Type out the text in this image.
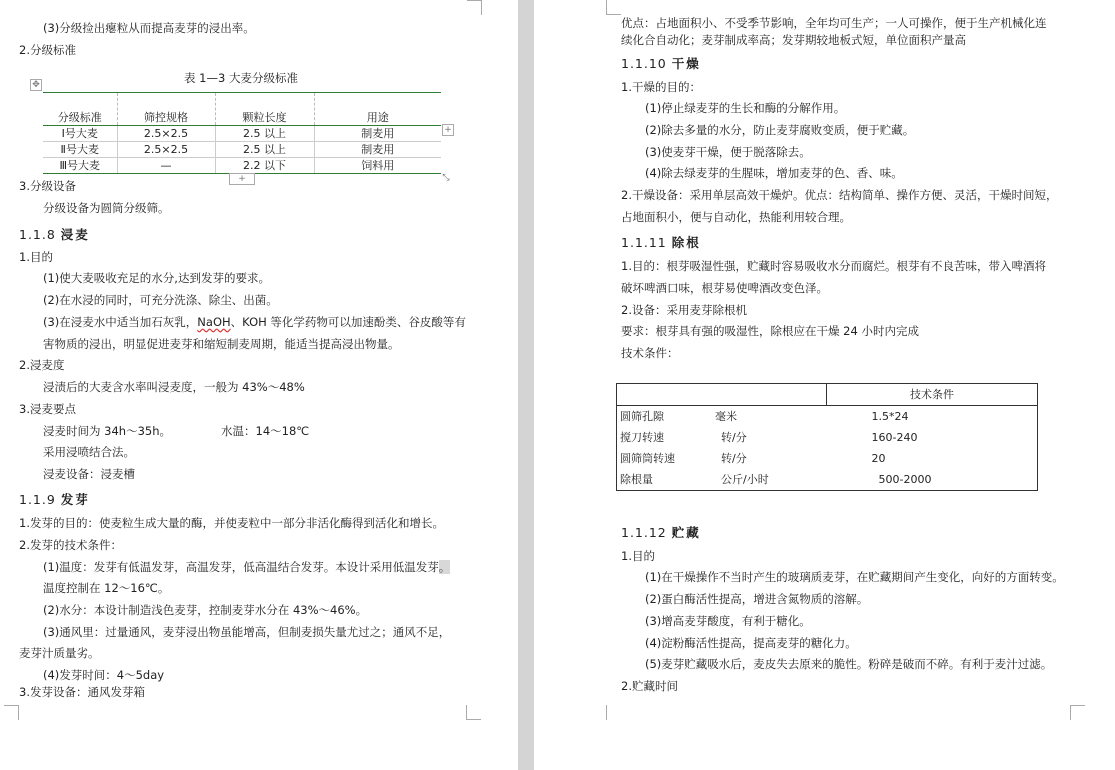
(3)分级捡出瘪粒从而提高麦芽的浸出率。
2.分级标准
表 1—3 大麦分级标准
✥
分级标准	筛控规格	颗粒长度	用途
Ⅰ号大麦	2.5×2.5	2.5 以上	制麦用
Ⅱ号大麦	2.5×2.5	2.5 以上	制麦用
Ⅲ号大麦	—	2.2 以下	饲料用
+
+	⤡
3.分级设备
分级设备为圆筒分级筛。
1.1.8 浸麦
1.目的
(1)使大麦吸收充足的水分,达到发芽的要求。
(2)在水浸的同时，可充分洗涤、除尘、出菌。
(3)在浸麦水中适当加石灰乳，NaOH、KOH 等化学药物可以加速酚类、谷皮酸等有
害物质的浸出，明显促进麦芽和缩短制麦周期，能适当提高浸出物量。
2.浸麦度
浸渍后的大麦含水率叫浸麦度，一般为 43%～48%
3.浸麦要点
浸麦时间为 34h～35h。	水温：14～18℃
采用浸喷结合法。
浸麦设备：浸麦槽
1.1.9 发芽
1.发芽的目的：使麦粒生成大量的酶，并使麦粒中一部分非活化酶得到活化和增长。
2.发芽的技术条件：
(1)温度：发芽有低温发芽，高温发芽，低高温结合发芽。本设计采用低温发芽。
温度控制在 12～16℃。
(2)水分：本设计制造浅色麦芽，控制麦芽水分在 43%～46%。
(3)通风里：过量通风，麦芽浸出物虽能增高，但制麦损失量尤过之；通风不足，
麦芽汁质量劣。
(4)发芽时间：4～5day
3.发芽设备：通风发芽箱
优点：占地面积小、不受季节影响，全年均可生产；一人可操作，便于生产机械化连
续化合自动化；麦芽制成率高；发芽期较地板式短，单位面积产量高
1.1.10 干燥
1.干燥的目的：
(1)停止绿麦芽的生长和酶的分解作用。
(2)除去多量的水分，防止麦芽腐败变质，便于贮藏。
(3)使麦芽干燥，便于脱落除去。
(4)除去绿麦芽的生腥味，增加麦芽的色、香、味。
2.干燥设备：采用单层高效干燥炉。优点：结构简单、操作方便、灵活，干燥时间短，
占地面积小，便与自动化，热能利用较合理。
1.1.11 除根
1.目的：根芽吸湿性强，贮藏时容易吸收水分而腐烂。根芽有不良苦味，带入啤酒将
破坏啤酒口味，根芽易使啤酒改变色泽。
2.设备：采用麦芽除根机
要求：根芽具有强的吸湿性，除根应在干燥 24 小时内完成
技术条件：
	技术条件
圆筛孔隙 毫米	1.5*24
搅刀转速 转/分	160-240
圆筛筒转速 转/分	20
除根量 公斤/小时	500-2000
1.1.12 贮藏
1.目的
(1)在干燥操作不当时产生的玻璃质麦芽，在贮藏期间产生变化，向好的方面转变。
(2)蛋白酶活性提高，增进含氮物质的溶解。
(3)增高麦芽酸度，有利于糖化。
(4)淀粉酶活性提高，提高麦芽的糖化力。
(5)麦芽贮藏吸水后，麦皮失去原来的脆性。粉碎是破而不碎。有利于麦汁过滤。
2.贮藏时间
